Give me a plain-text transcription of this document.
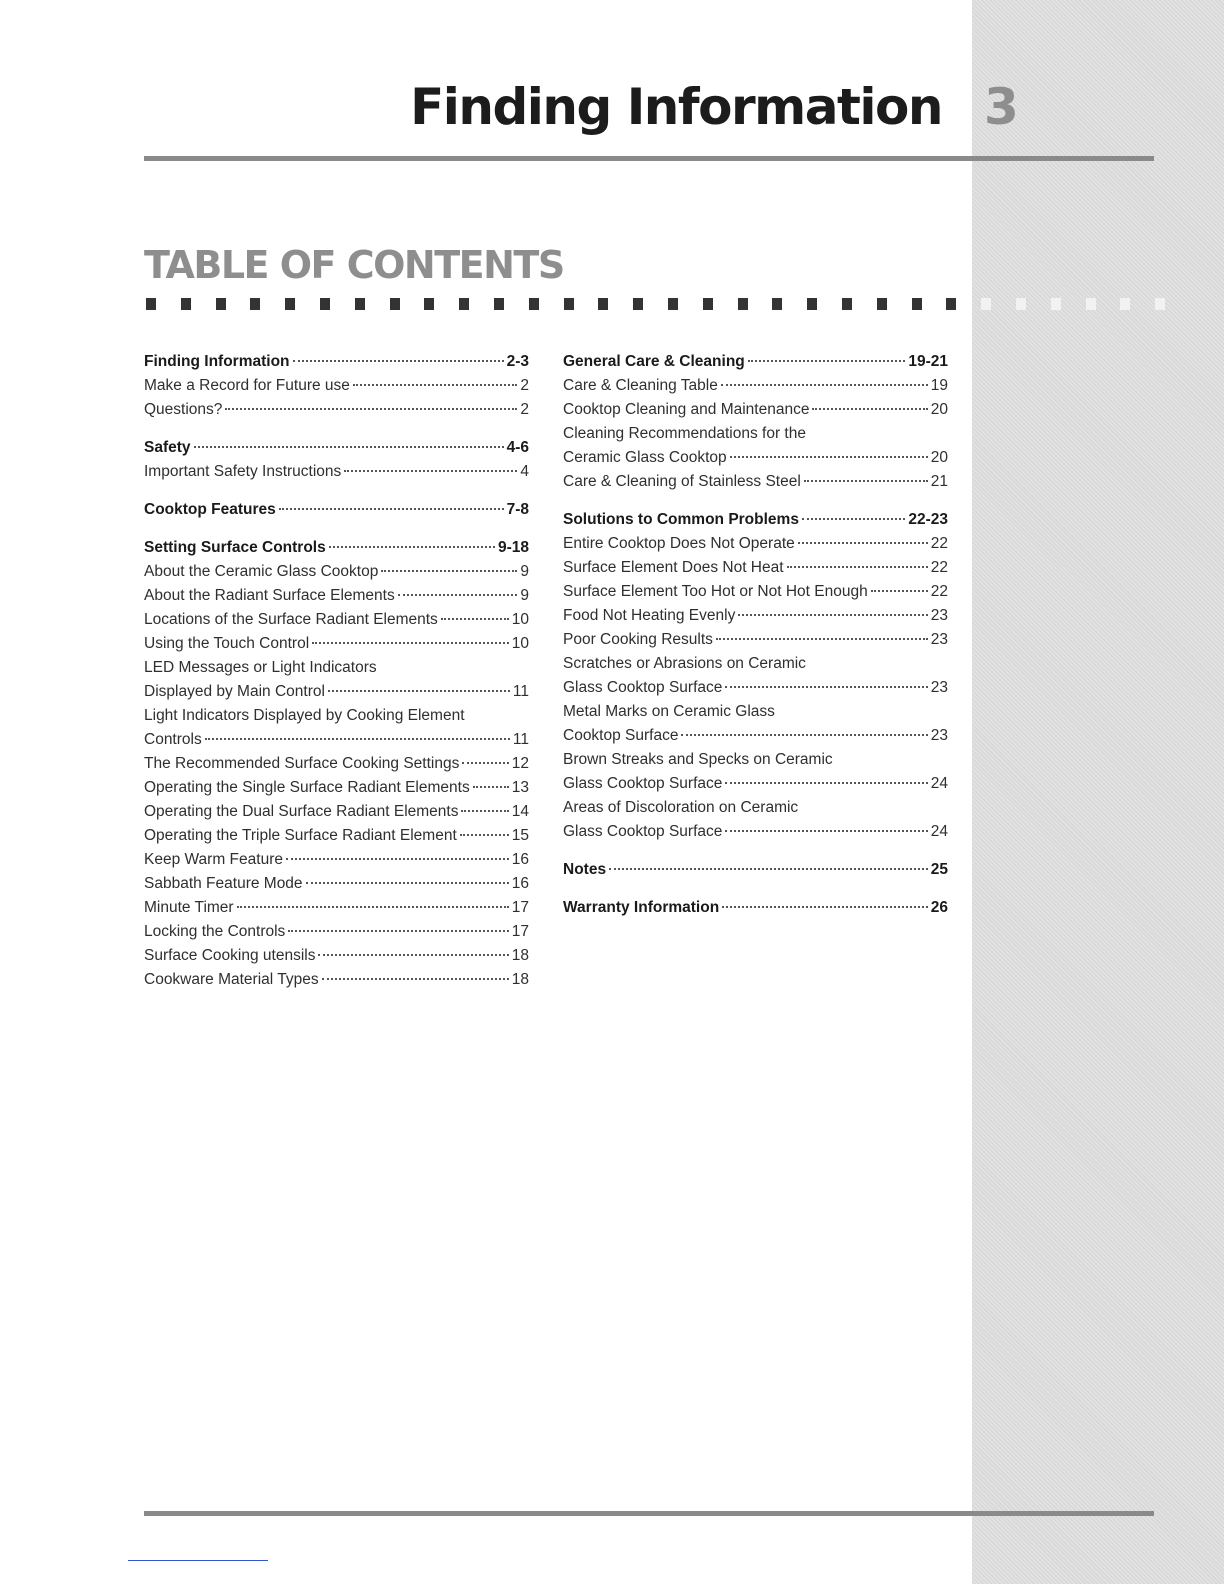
Finding Information 3
TABLE OF CONTENTS
Finding Information	2-3
Make a Record for Future use	2
Questions?	2
Safety	4-6
Important Safety Instructions	4
Cooktop Features	7-8
Setting Surface Controls	9-18
About the Ceramic Glass Cooktop	9
About the Radiant Surface Elements	9
Locations of the Surface Radiant Elements	10
Using the Touch Control	10
LED Messages or Light Indicators
Displayed by Main Control	11
Light Indicators Displayed by Cooking Element
Controls	11
The Recommended Surface Cooking Settings	12
Operating the Single Surface Radiant Elements	13
Operating the Dual Surface Radiant Elements	14
Operating the Triple Surface Radiant Element	15
Keep Warm Feature	16
Sabbath Feature Mode	16
Minute Timer	17
Locking the Controls	17
Surface Cooking utensils	18
Cookware Material Types	18
General Care & Cleaning	19-21
Care & Cleaning Table	19
Cooktop Cleaning and Maintenance	20
Cleaning Recommendations for the
Ceramic Glass Cooktop	20
Care & Cleaning of Stainless Steel	21
Solutions to Common Problems	22-23
Entire Cooktop Does Not Operate	22
Surface Element Does Not Heat	22
Surface Element Too Hot or Not Hot Enough	22
Food Not Heating Evenly	23
Poor Cooking Results	23
Scratches or Abrasions on Ceramic
Glass Cooktop Surface	23
Metal Marks on Ceramic Glass
Cooktop Surface	23
Brown Streaks and Specks on Ceramic
Glass Cooktop Surface	24
Areas of Discoloration on Ceramic
Glass Cooktop Surface	24
Notes	25
Warranty Information	26
